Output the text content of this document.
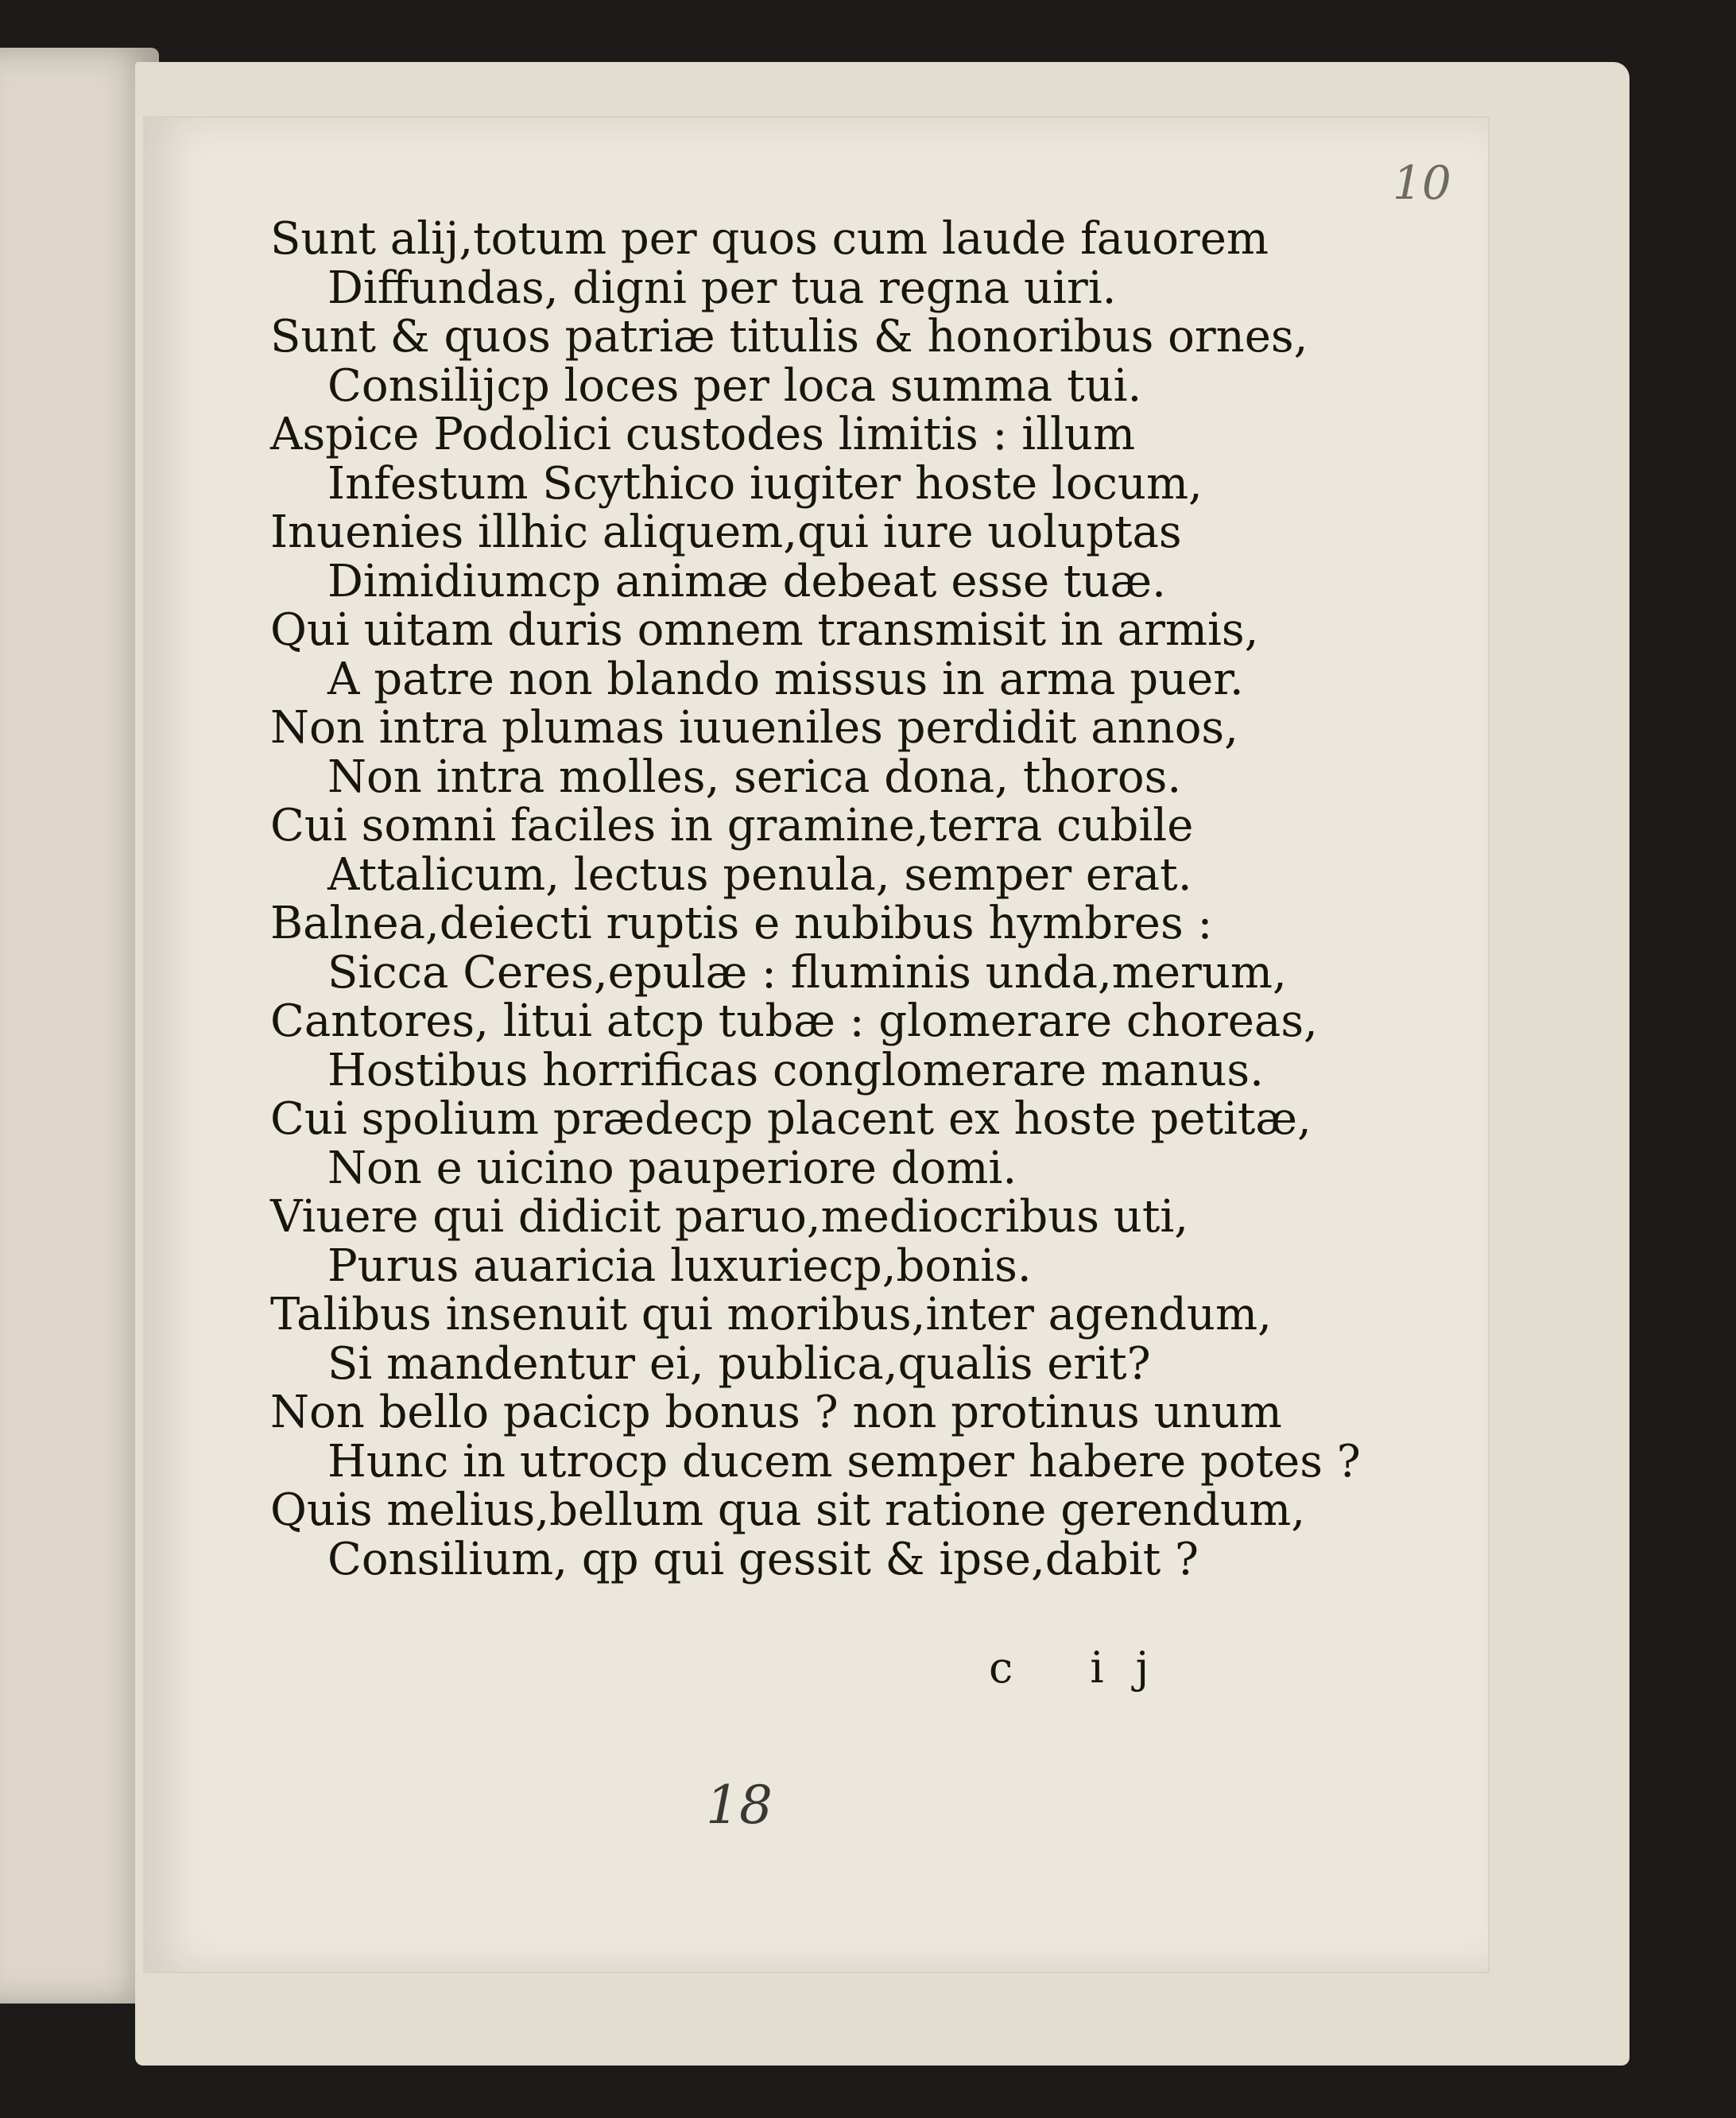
10
Sunt alij,totum per quos cum laude fauorem
Diffundas, digni per tua regna uiri.
Sunt & quos patriæ titulis & honoribus ornes,
Consilijcp loces per loca summa tui.
Aspice Podolici custodes limitis : illum
Infestum Scythico iugiter hoste locum,
Inuenies illhic aliquem,qui iure uoluptas
Dimidiumcp animæ debeat esse tuæ.
Qui uitam duris omnem transmisit in armis,
A patre non blando missus in arma puer.
Non intra plumas iuueniles perdidit annos,
Non intra molles, serica dona, thoros.
Cui somni faciles in gramine,terra cubile
Attalicum, lectus penula, semper erat.
Balnea,deiecti ruptis e nubibus hymbres :
Sicca Ceres,epulæ : fluminis unda,merum,
Cantores, litui atcp tubæ : glomerare choreas,
Hostibus horrificas conglomerare manus.
Cui spolium prædecp placent ex hoste petitæ,
Non e uicino pauperiore domi.
Viuere qui didicit paruo,mediocribus uti,
Purus auaricia luxuriecp,bonis.
Talibus insenuit qui moribus,inter agendum,
Si mandentur ei, publica,qualis erit?
Non bello pacicp bonus ? non protinus unum
Hunc in utrocp ducem semper habere potes ?
Quis melius,bellum qua sit ratione gerendum,
Consilium, qp qui gessit & ipse,dabit ?
c ij
18
